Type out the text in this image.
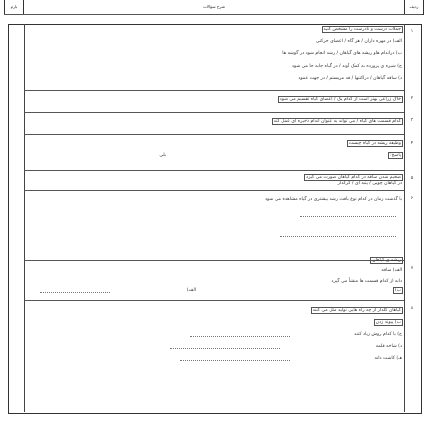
ردیف
شرح سؤالات
بارم
۱
۲
۳
۴
۵
۶
۷
۸
جملات درست و نادرست را مشخص کنید
الف) در مهره داران / هر گاه / اعضای حرکتی
ب) دراندام هاو ریشه های گیاهان / رشد انجام شود در گوشه ها
ج) شیره ی پرورده به کمک آوند / در گیاه جابه جا می شود
د) ساقه گیاهان / دراکتنها / قد مریستم / در جهت عمود
خاک زراعی بهتر است از کدام یک / اعضای گیاه تقسیم می شود
کدام قسمت های گیاه / می تواند به عنوان اندام ذخیره ای عمل کند
وظیفه ریشه در گیاه چیست
پاسخ:
بلی
ضخیم شدن ساقه در کدام گیاهان صورت می گیرد
در گیاهان چوبی / پنبه ای / کرکدار
با گذشت زمان در کدام نوع بافت رشد بیشتری در گیاه مشاهده می شود
ریشه ی گیاهان
الف) ساقه
دانه از کدام قسمت ها منشأ می گیرد
الف)	ب)
گیاهان گلدار از چه راه هایی تولید مثل می کنند
ب) پیوند زدن
ج) با کدام روش زیاد کنند
د) شاخه قلمه
هـ) کاشت دانه
